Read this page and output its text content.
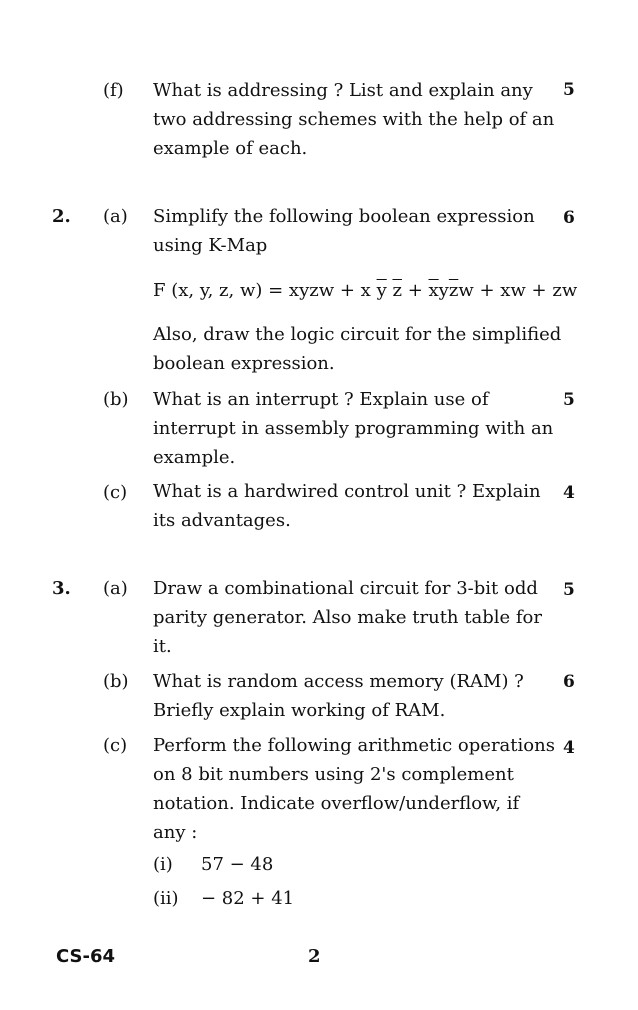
(f) What is addressing ? List and explain any
two addressing schemes with the help of an
example of each.
5
2. (a) Simplify the following boolean expression
using K-Map
6
F (x, y, z, w) = xyzw + x $\overline{y}$ $\overline{z} + \overline{x}y\overline{z}w$ + xw + zw
Also, draw the logic circuit for the simplified
boolean expression.
(b) What is an interrupt ? Explain use of
interrupt in assembly programming with an
example.
5
(c) What is a hardwired control unit ? Explain
its advantages.
4
3. (a) Draw a combinational circuit for 3-bit odd
parity generator. Also make truth table for
it.
5
(b) What is random access memory (RAM) ?
Briefly explain working of RAM.
6
(c) Perform the following arithmetic operations
on 8 bit numbers using 2's complement
notation. Indicate overflow/underflow, if
any :
4
(i) 57 − 48
(ii) − 82 + 41
CS-64	2
